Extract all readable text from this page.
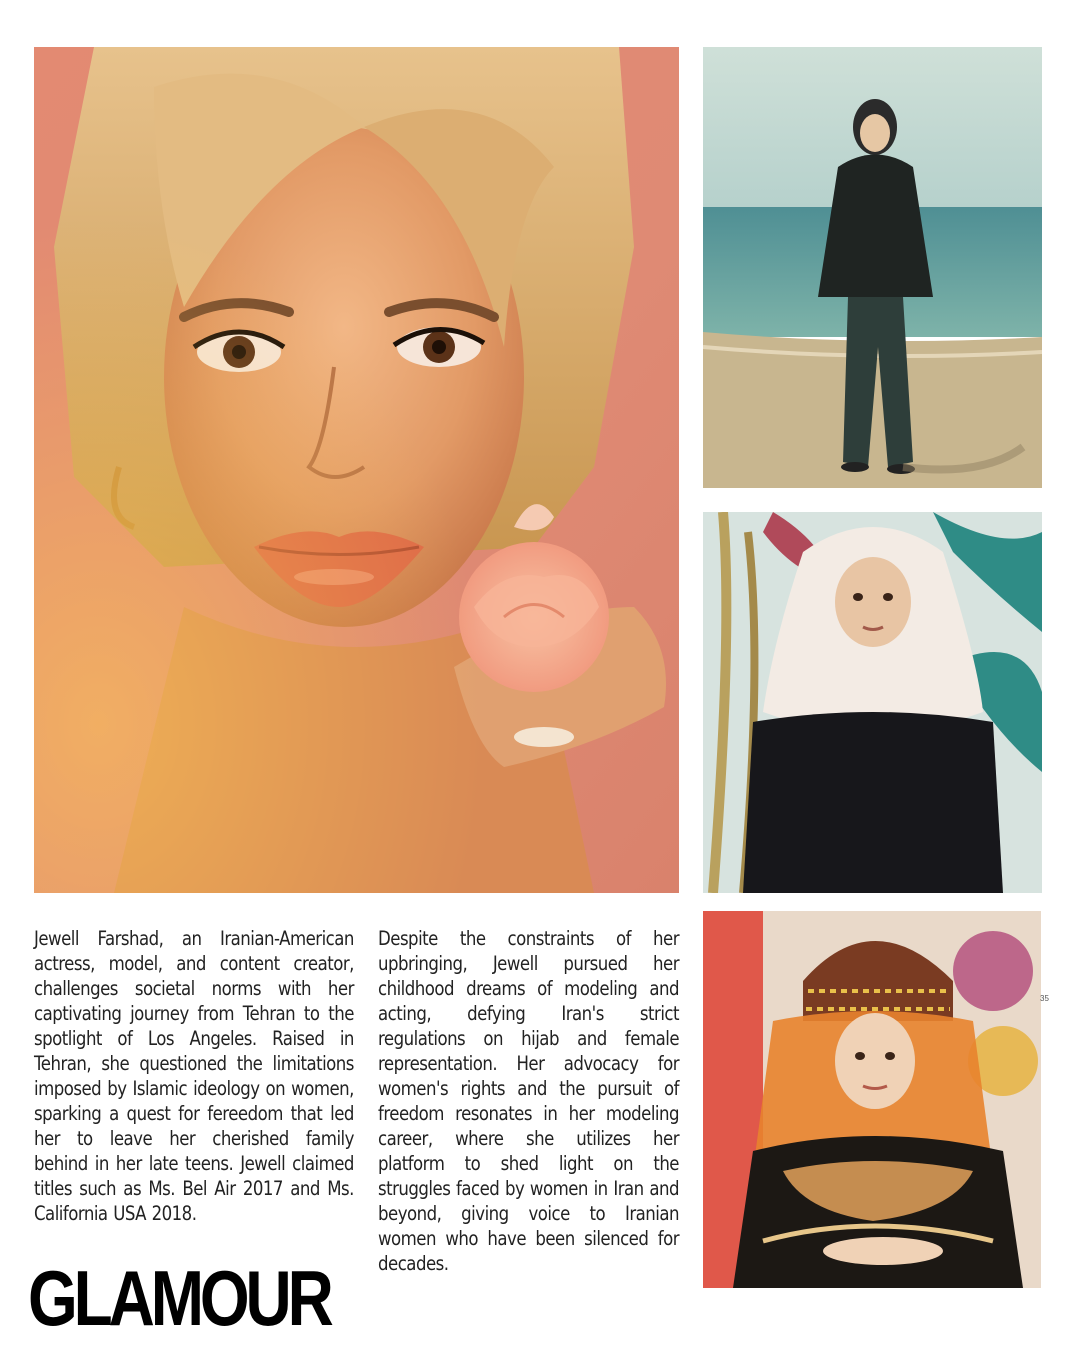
Jewell Farshad, an Iranian-American actress, model, and content creator, challenges societal norms with her captivating journey from Tehran to the spotlight of Los Angeles. Raised in Tehran, she questioned the limitations imposed by Islamic ideology on women, sparking a quest for fereedom that led her to leave her cherished family behind in her late teens. Jewell claimed titles such as Ms. Bel Air 2017 and Ms. California USA 2018.
Despite the constraints of her upbringing, Jewell pursued her childhood dreams of modeling and acting, defying Iran's strict regulations on hijab and female representation. Her advocacy for women's rights and the pursuit of freedom resonates in her modeling career, where she utilizes her platform to shed light on the struggles faced by women in Iran and beyond, giving voice to Iranian women who have been silenced for decades.
GLAMOUR
35
